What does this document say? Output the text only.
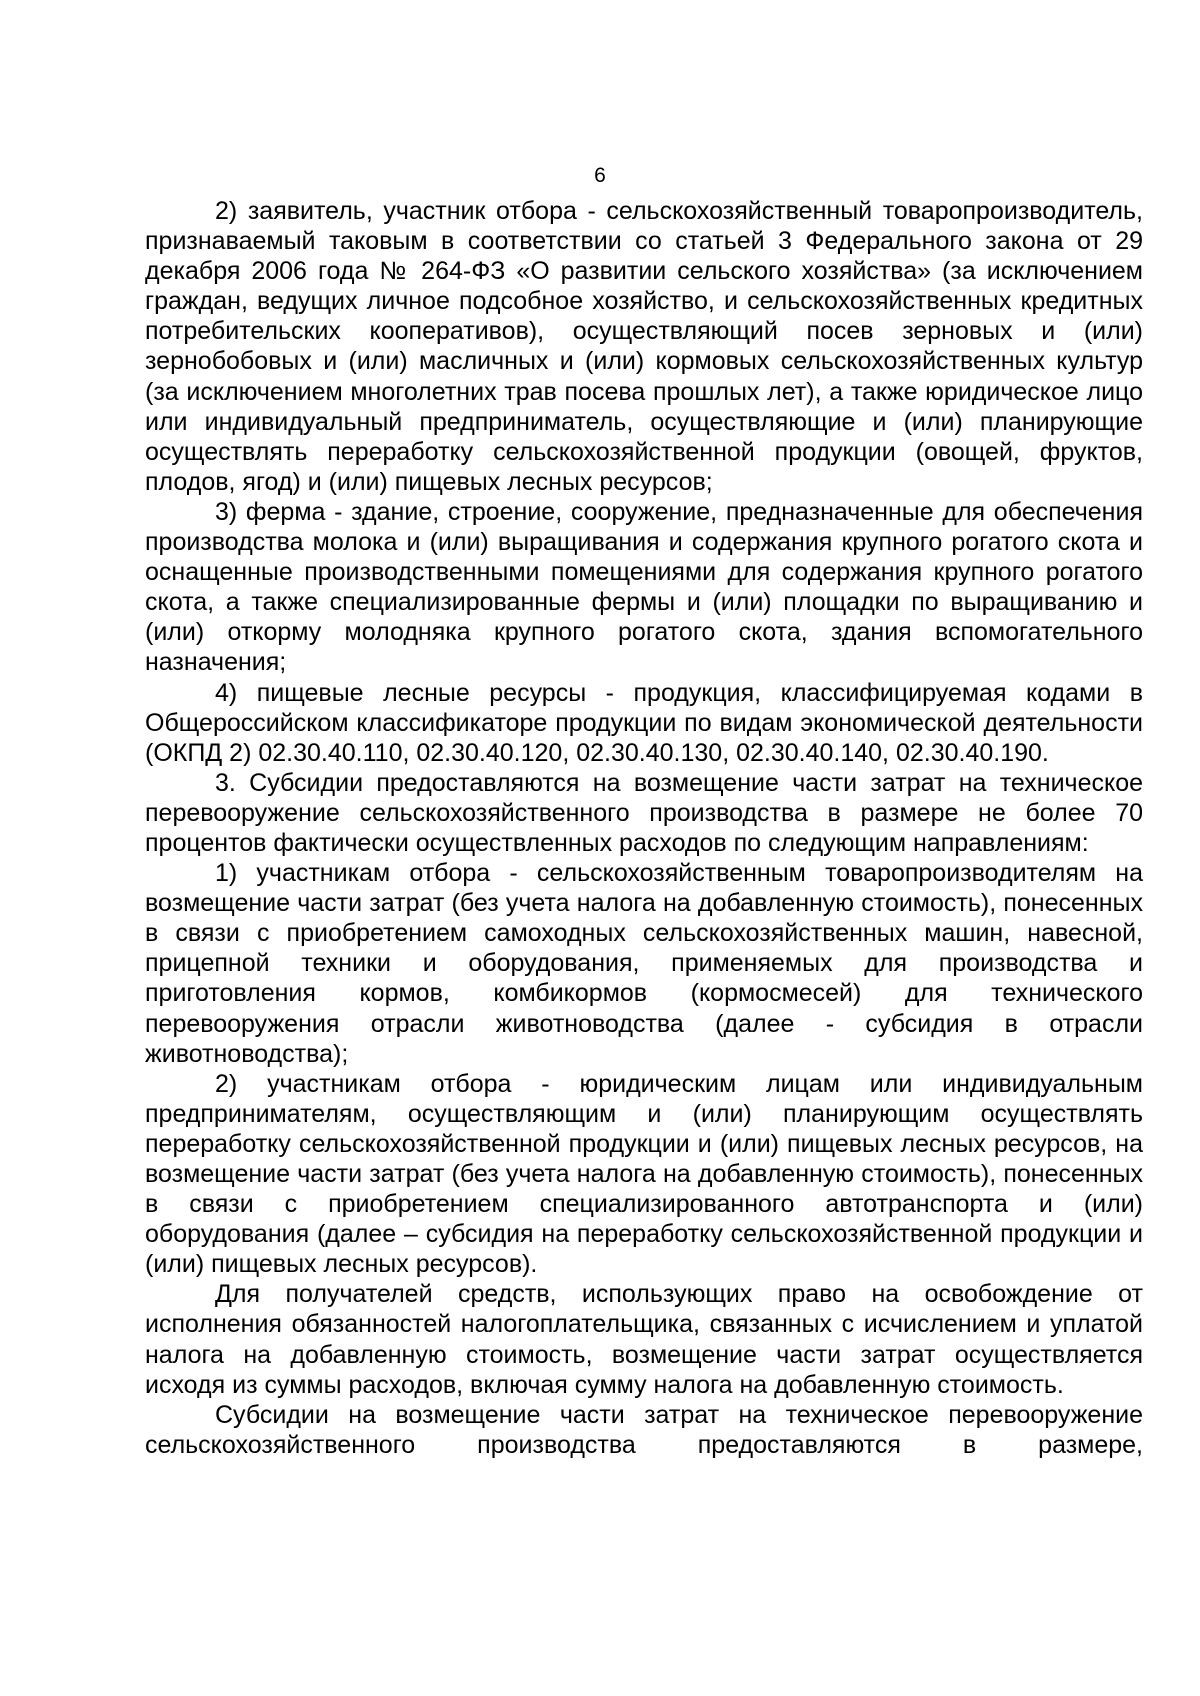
6

2) заявитель, участник отбора - сельскохозяйственный товаропроизводитель, признаваемый таковым в соответствии со статьей 3 Федерального закона от 29 декабря 2006 года № 264-ФЗ «О развитии сельского хозяйства» (за исключением граждан, ведущих личное подсобное хозяйство, и сельскохозяйственных кредитных потребительских кооперативов), осуществляющий посев зерновых и (или) зернобобовых и (или) масличных и (или) кормовых сельскохозяйственных культур (за исключением многолетних трав посева прошлых лет), а также юридическое лицо или индивидуальный предприниматель, осуществляющие и (или) планирующие осуществлять переработку сельскохозяйственной продукции (овощей, фруктов, плодов, ягод) и (или) пищевых лесных ресурсов;

3) ферма - здание, строение, сооружение, предназначенные для обеспечения производства молока и (или) выращивания и содержания крупного рогатого скота и оснащенные производственными помещениями для содержания крупного рогатого скота, а также специализированные фермы и (или) площадки по выращиванию и (или) откорму молодняка крупного рогатого скота, здания вспомогательного назначения;

4) пищевые лесные ресурсы - продукция, классифицируемая кодами в Общероссийском классификаторе продукции по видам экономической деятельности (ОКПД 2) 02.30.40.110, 02.30.40.120, 02.30.40.130, 02.30.40.140, 02.30.40.190.

3. Субсидии предоставляются на возмещение части затрат на техническое перевооружение сельскохозяйственного производства в размере не более 70 процентов фактически осуществленных расходов по следующим направлениям:

1) участникам отбора - сельскохозяйственным товаропроизводителям на возмещение части затрат (без учета налога на добавленную стоимость), понесенных в связи с приобретением самоходных сельскохозяйственных машин, навесной, прицепной техники и оборудования, применяемых для производства и приготовления кормов, комбикормов (кормосмесей) для технического перевооружения отрасли животноводства (далее - субсидия в отрасли животноводства);

2) участникам отбора - юридическим лицам или индивидуальным предпринимателям, осуществляющим и (или) планирующим осуществлять переработку сельскохозяйственной продукции и (или) пищевых лесных ресурсов, на возмещение части затрат (без учета налога на добавленную стоимость), понесенных в связи с приобретением специализированного автотранспорта и (или) оборудования (далее – субсидия на переработку сельскохозяйственной продукции и (или) пищевых лесных ресурсов).

Для получателей средств, использующих право на освобождение от исполнения обязанностей налогоплательщика, связанных с исчислением и уплатой налога на добавленную стоимость, возмещение части затрат осуществляется исходя из суммы расходов, включая сумму налога на добавленную стоимость.

Субсидии на возмещение части затрат на техническое перевооружение сельскохозяйственного производства предоставляются в размере,
